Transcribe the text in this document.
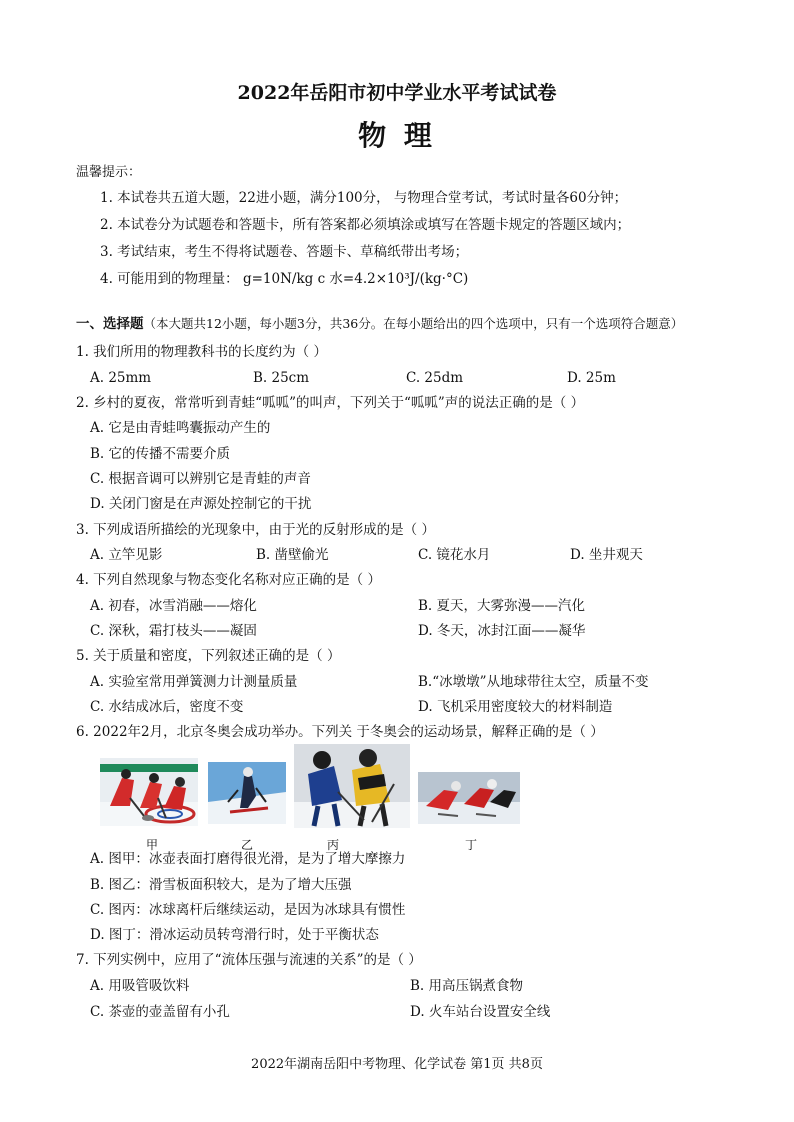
2022年岳阳市初中学业水平考试试卷
物 理
温馨提示：
1. 本试卷共五道大题，22进小题，满分100分， 与物理合堂考试，考试时量各60分钟；
2. 本试卷分为试题卷和答题卡，所有答案都必须填涂或填写在答题卡规定的答题区域内；
3. 考试结束，考生不得将试题卷、答题卡、草稿纸带出考场；
4. 可能用到的物理量： g=10N/kg c 水=4.2×10³J/(kg·°C)
一、选择题（本大题共12小题，每小题3分，共36分。在每小题给出的四个选项中，只有一个选项符合题意）
1. 我们所用的物理教科书的长度约为（ ）
A. 25mm	B. 25cm	C. 25dm	D. 25m
2. 乡村的夏夜，常常听到青蛙“呱呱”的叫声，下列关于“呱呱”声的说法正确的是（ ）
A. 它是由青蛙鸣囊振动产生的
B. 它的传播不需要介质
C. 根据音调可以辨别它是青蛙的声音
D. 关闭门窗是在声源处控制它的干扰
3. 下列成语所描绘的光现象中，由于光的反射形成的是（ ）
A. 立竿见影	B. 凿壁偷光	C. 镜花水月	D. 坐井观天
4. 下列自然现象与物态变化名称对应正确的是（ ）
A. 初春，冰雪消融——熔化	B. 夏天，大雾弥漫——汽化
C. 深秋，霜打枝头——凝固	D. 冬天，冰封江面——凝华
5. 关于质量和密度，下列叙述正确的是（ ）
A. 实验室常用弹簧测力计测量质量	B.“冰墩墩”从地球带往太空，质量不变
C. 水结成冰后，密度不变	D. 飞机采用密度较大的材料制造
6. 2022年2月，北京冬奥会成功举办。下列关 于冬奥会的运动场景，解释正确的是（ ）
甲	乙	丙	丁
A. 图甲：冰壶表面打磨得很光滑，是为了增大摩擦力
B. 图乙：滑雪板面积较大，是为了增大压强
C. 图丙：冰球离杆后继续运动，是因为冰球具有惯性
D. 图丁：滑冰运动员转弯滑行时，处于平衡状态
7. 下列实例中，应用了“流体压强与流速的关系”的是（ ）
A. 用吸管吸饮料	B. 用高压锅煮食物
C. 茶壶的壶盖留有小孔	D. 火车站台设置安全线
2022年湖南岳阳中考物理、化学试卷 第1页 共8页
